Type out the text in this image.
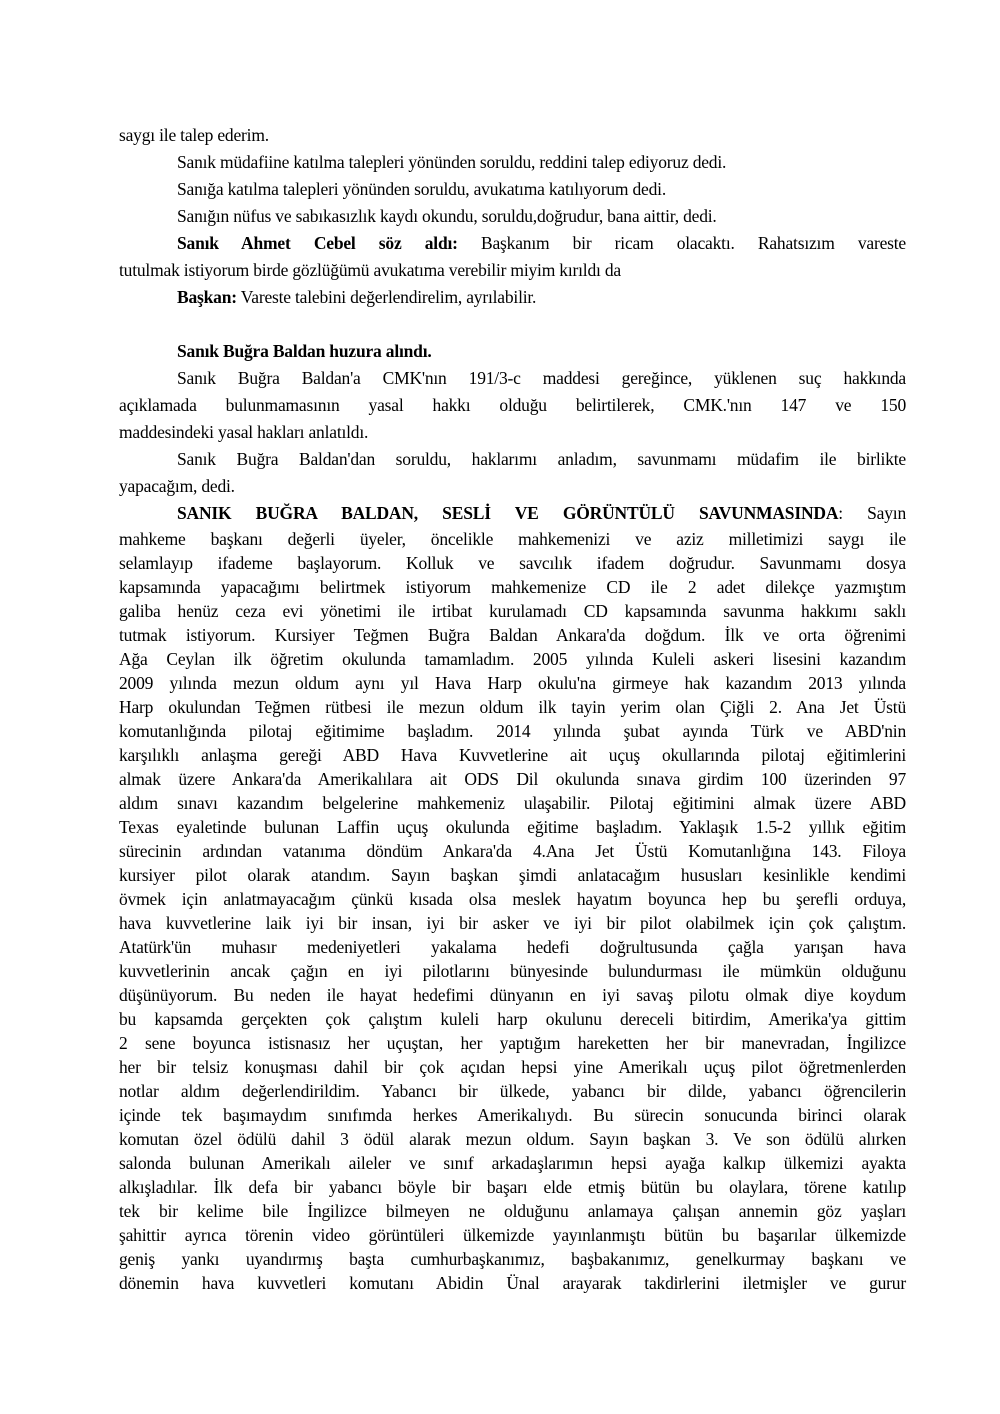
saygı ile talep ederim.
Sanık müdafiine katılma talepleri yönünden soruldu, reddini talep ediyoruz dedi.
Sanığa katılma talepleri yönünden soruldu, avukatıma katılıyorum dedi.
Sanığın nüfus ve sabıkasızlık kaydı okundu, soruldu,doğrudur, bana aittir, dedi.
Sanık Ahmet Cebel söz aldı: Başkanım bir ricam olacaktı. Rahatsızım vareste
tutulmak istiyorum birde gözlüğümü avukatıma verebilir miyim kırıldı da
Başkan: Vareste talebini değerlendirelim, ayrılabilir.
Sanık Buğra Baldan huzura alındı.
Sanık Buğra Baldan'a CMK'nın 191/3-c maddesi gereğince, yüklenen suç hakkında
açıklamada bulunmamasının yasal hakkı olduğu belirtilerek, CMK.'nın 147 ve 150
maddesindeki yasal hakları anlatıldı.
Sanık Buğra Baldan'dan soruldu, haklarımı anladım, savunmamı müdafim ile birlikte
yapacağım, dedi.
SANIK BUĞRA BALDAN, SESLİ VE GÖRÜNTÜLÜ SAVUNMASINDA: Sayın
mahkeme başkanı değerli üyeler, öncelikle mahkemenizi ve aziz milletimizi saygı ile
selamlayıp ifademe başlayorum. Kolluk ve savcılık ifadem doğrudur. Savunmamı dosya
kapsamında yapacağımı belirtmek istiyorum mahkemenize CD ile 2 adet dilekçe yazmıştım
galiba henüz ceza evi yönetimi ile irtibat kurulamadı CD kapsamında savunma hakkımı saklı
tutmak istiyorum. Kursiyer Teğmen Buğra Baldan Ankara'da doğdum. İlk ve orta öğrenimi
Ağa Ceylan ilk öğretim okulunda tamamladım. 2005 yılında Kuleli askeri lisesini kazandım
2009 yılında mezun oldum aynı yıl Hava Harp okulu'na girmeye hak kazandım 2013 yılında
Harp okulundan Teğmen rütbesi ile mezun oldum ilk tayin yerim olan Çiğli 2. Ana Jet Üstü
komutanlığında pilotaj eğitimime başladım. 2014 yılında şubat ayında Türk ve ABD'nin
karşılıklı anlaşma gereği ABD Hava Kuvvetlerine ait uçuş okullarında pilotaj eğitimlerini
almak üzere Ankara'da Amerikalılara ait ODS Dil okulunda sınava girdim 100 üzerinden 97
aldım sınavı kazandım belgelerine mahkemeniz ulaşabilir. Pilotaj eğitimini almak üzere ABD
Texas eyaletinde bulunan Laffin uçuş okulunda eğitime başladım. Yaklaşık 1.5-2 yıllık eğitim
sürecinin ardından vatanıma döndüm Ankara'da 4.Ana Jet Üstü Komutanlığına 143. Filoya
kursiyer pilot olarak atandım. Sayın başkan şimdi anlatacağım hususları kesinlikle kendimi
övmek için anlatmayacağım çünkü kısada olsa meslek hayatım boyunca hep bu şerefli orduya,
hava kuvvetlerine laik iyi bir insan, iyi bir asker ve iyi bir pilot olabilmek için çok çalıştım.
Atatürk'ün muhasır medeniyetleri yakalama hedefi doğrultusunda çağla yarışan hava
kuvvetlerinin ancak çağın en iyi pilotlarını bünyesinde bulundurması ile mümkün olduğunu
düşünüyorum. Bu neden ile hayat hedefimi dünyanın en iyi savaş pilotu olmak diye koydum
bu kapsamda gerçekten çok çalıştım kuleli harp okulunu dereceli bitirdim, Amerika'ya gittim
2 sene boyunca istisnasız her uçuştan, her yaptığım hareketten her bir manevradan, İngilizce
her bir telsiz konuşması dahil bir çok açıdan hepsi yine Amerikalı uçuş pilot öğretmenlerden
notlar aldım değerlendirildim. Yabancı bir ülkede, yabancı bir dilde, yabancı öğrencilerin
içinde tek başımaydım sınıfımda herkes Amerikalıydı. Bu sürecin sonucunda birinci olarak
komutan özel ödülü dahil 3 ödül alarak mezun oldum. Sayın başkan 3. Ve son ödülü alırken
salonda bulunan Amerikalı aileler ve sınıf arkadaşlarımın hepsi ayağa kalkıp ülkemizi ayakta
alkışladılar. İlk defa bir yabancı böyle bir başarı elde etmiş bütün bu olaylara, törene katılıp
tek bir kelime bile İngilizce bilmeyen ne olduğunu anlamaya çalışan annemin göz yaşları
şahittir ayrıca törenin video görüntüleri ülkemizde yayınlanmıştı bütün bu başarılar ülkemizde
geniş yankı uyandırmış başta cumhurbaşkanımız, başbakanımız, genelkurmay başkanı ve
dönemin hava kuvvetleri komutanı Abidin Ünal arayarak takdirlerini iletmişler ve gurur
